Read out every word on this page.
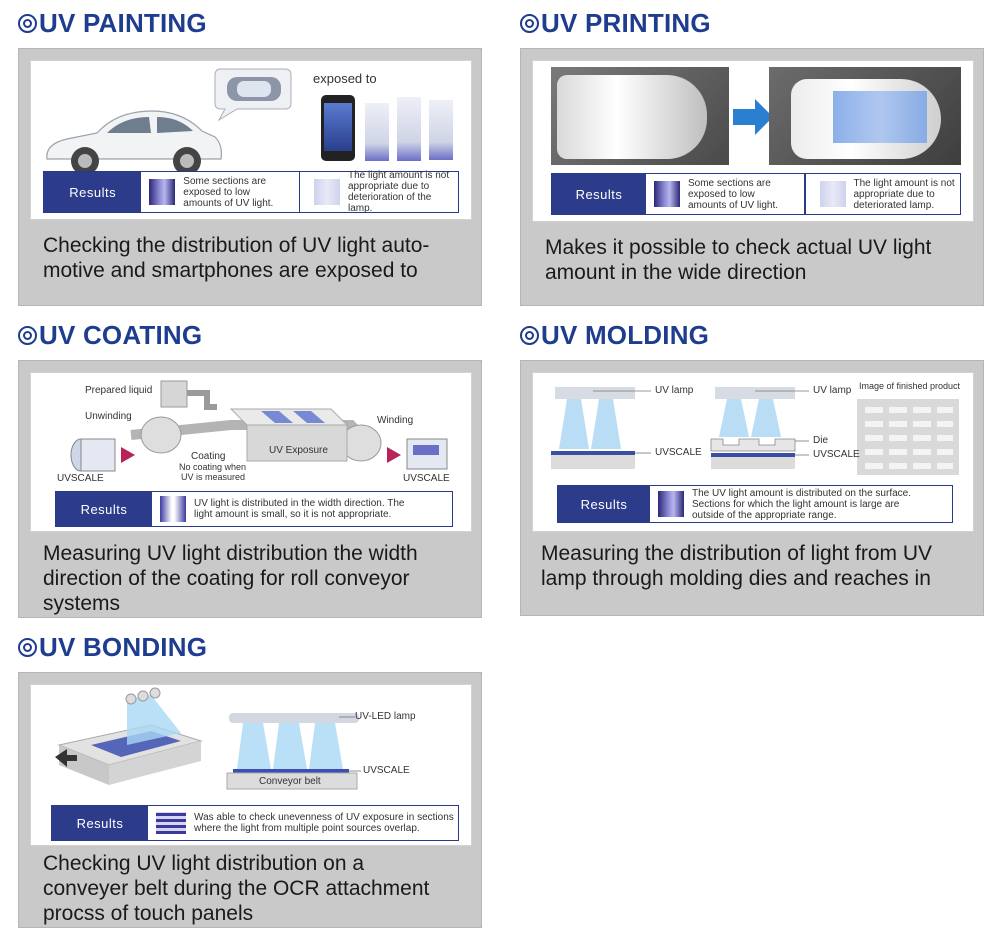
UV PAINTING
exposed to
Results
Some sections are
exposed to low
amounts of UV light.
The light amount is not
appropriate due to
deterioration of the lamp.
Checking the distribution of UV light auto-
motive and smartphones are exposed to
UV PRINTING
Results
Some sections are
exposed to low
amounts of UV light.
The light amount is not
appropriate due to
deteriorated lamp.
Makes it possible to check actual UV light
amount in the wide direction
UV COATING
Prepared liquid
Unwinding	Winding
UV Exposure
Coating
No coating when
UV is measured
UVSCALE	UVSCALE
Results	UV light is distributed in the width direction. The
light amount is small, so it is not appropriate.
Measuring UV light distribution the width
direction of the coating for roll conveyor
systems
UV MOLDING
UV lamp
UVSCALE
UV lamp
Die
UVSCALE
Image of finished product
Results
The UV light amount is distributed on the surface.
Sections for which the light amount is large are
outside of the appropriate range.
Measuring the distribution of light from UV
lamp through molding dies and reaches in
UV BONDING
UV-LED lamp
UVSCALE
Conveyor belt
Results	Was able to check unevenness of UV exposure in sections
where the light from multiple point sources overlap.
Checking UV light distribution on a
conveyer belt during the OCR attachment
procss of touch panels
